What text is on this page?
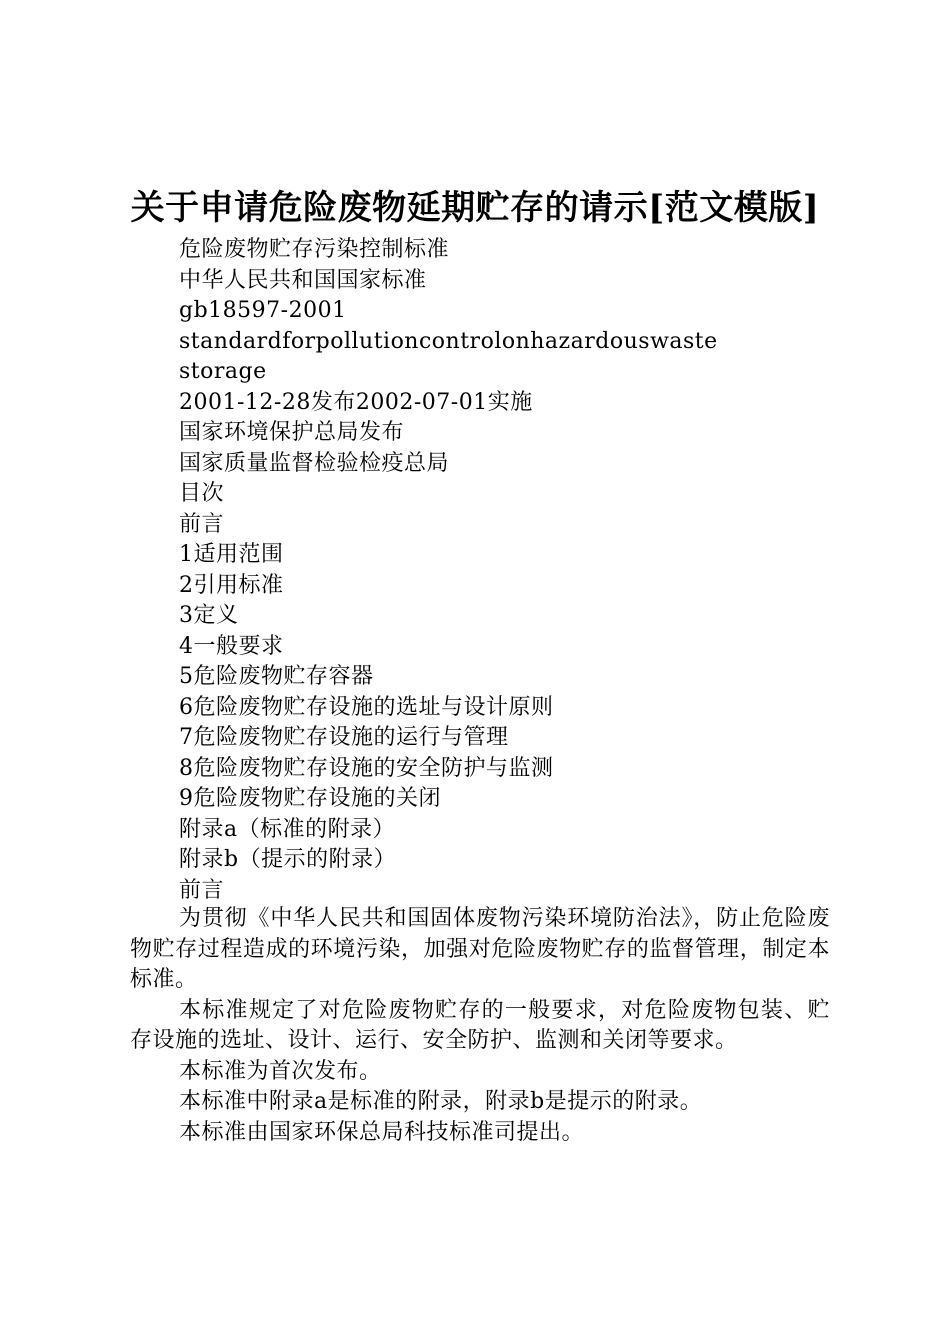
关于申请危险废物延期贮存的请示[范文模版]
危险废物贮存污染控制标准
中华人民共和国国家标准
gb18597-2001
standardforpollutioncontrolonhazardouswaste
storage
2001-12-28发布2002-07-01实施
国家环境保护总局发布
国家质量监督检验检疫总局
目次
前言
1适用范围
2引用标准
3定义
4一般要求
5危险废物贮存容器
6危险废物贮存设施的选址与设计原则
7危险废物贮存设施的运行与管理
8危险废物贮存设施的安全防护与监测
9危险废物贮存设施的关闭
附录a（标准的附录）
附录b（提示的附录）
前言

为贯彻《中华人民共和国固体废物污染环境防治法》，防止危险废物贮存过程造成的环境污染，加强对危险废物贮存的监督管理，制定本标准。

本标准规定了对危险废物贮存的一般要求，对危险废物包装、贮存设施的选址、设计、运行、安全防护、监测和关闭等要求。

本标准为首次发布。

本标准中附录a是标准的附录，附录b是提示的附录。

本标准由国家环保总局科技标准司提出。
